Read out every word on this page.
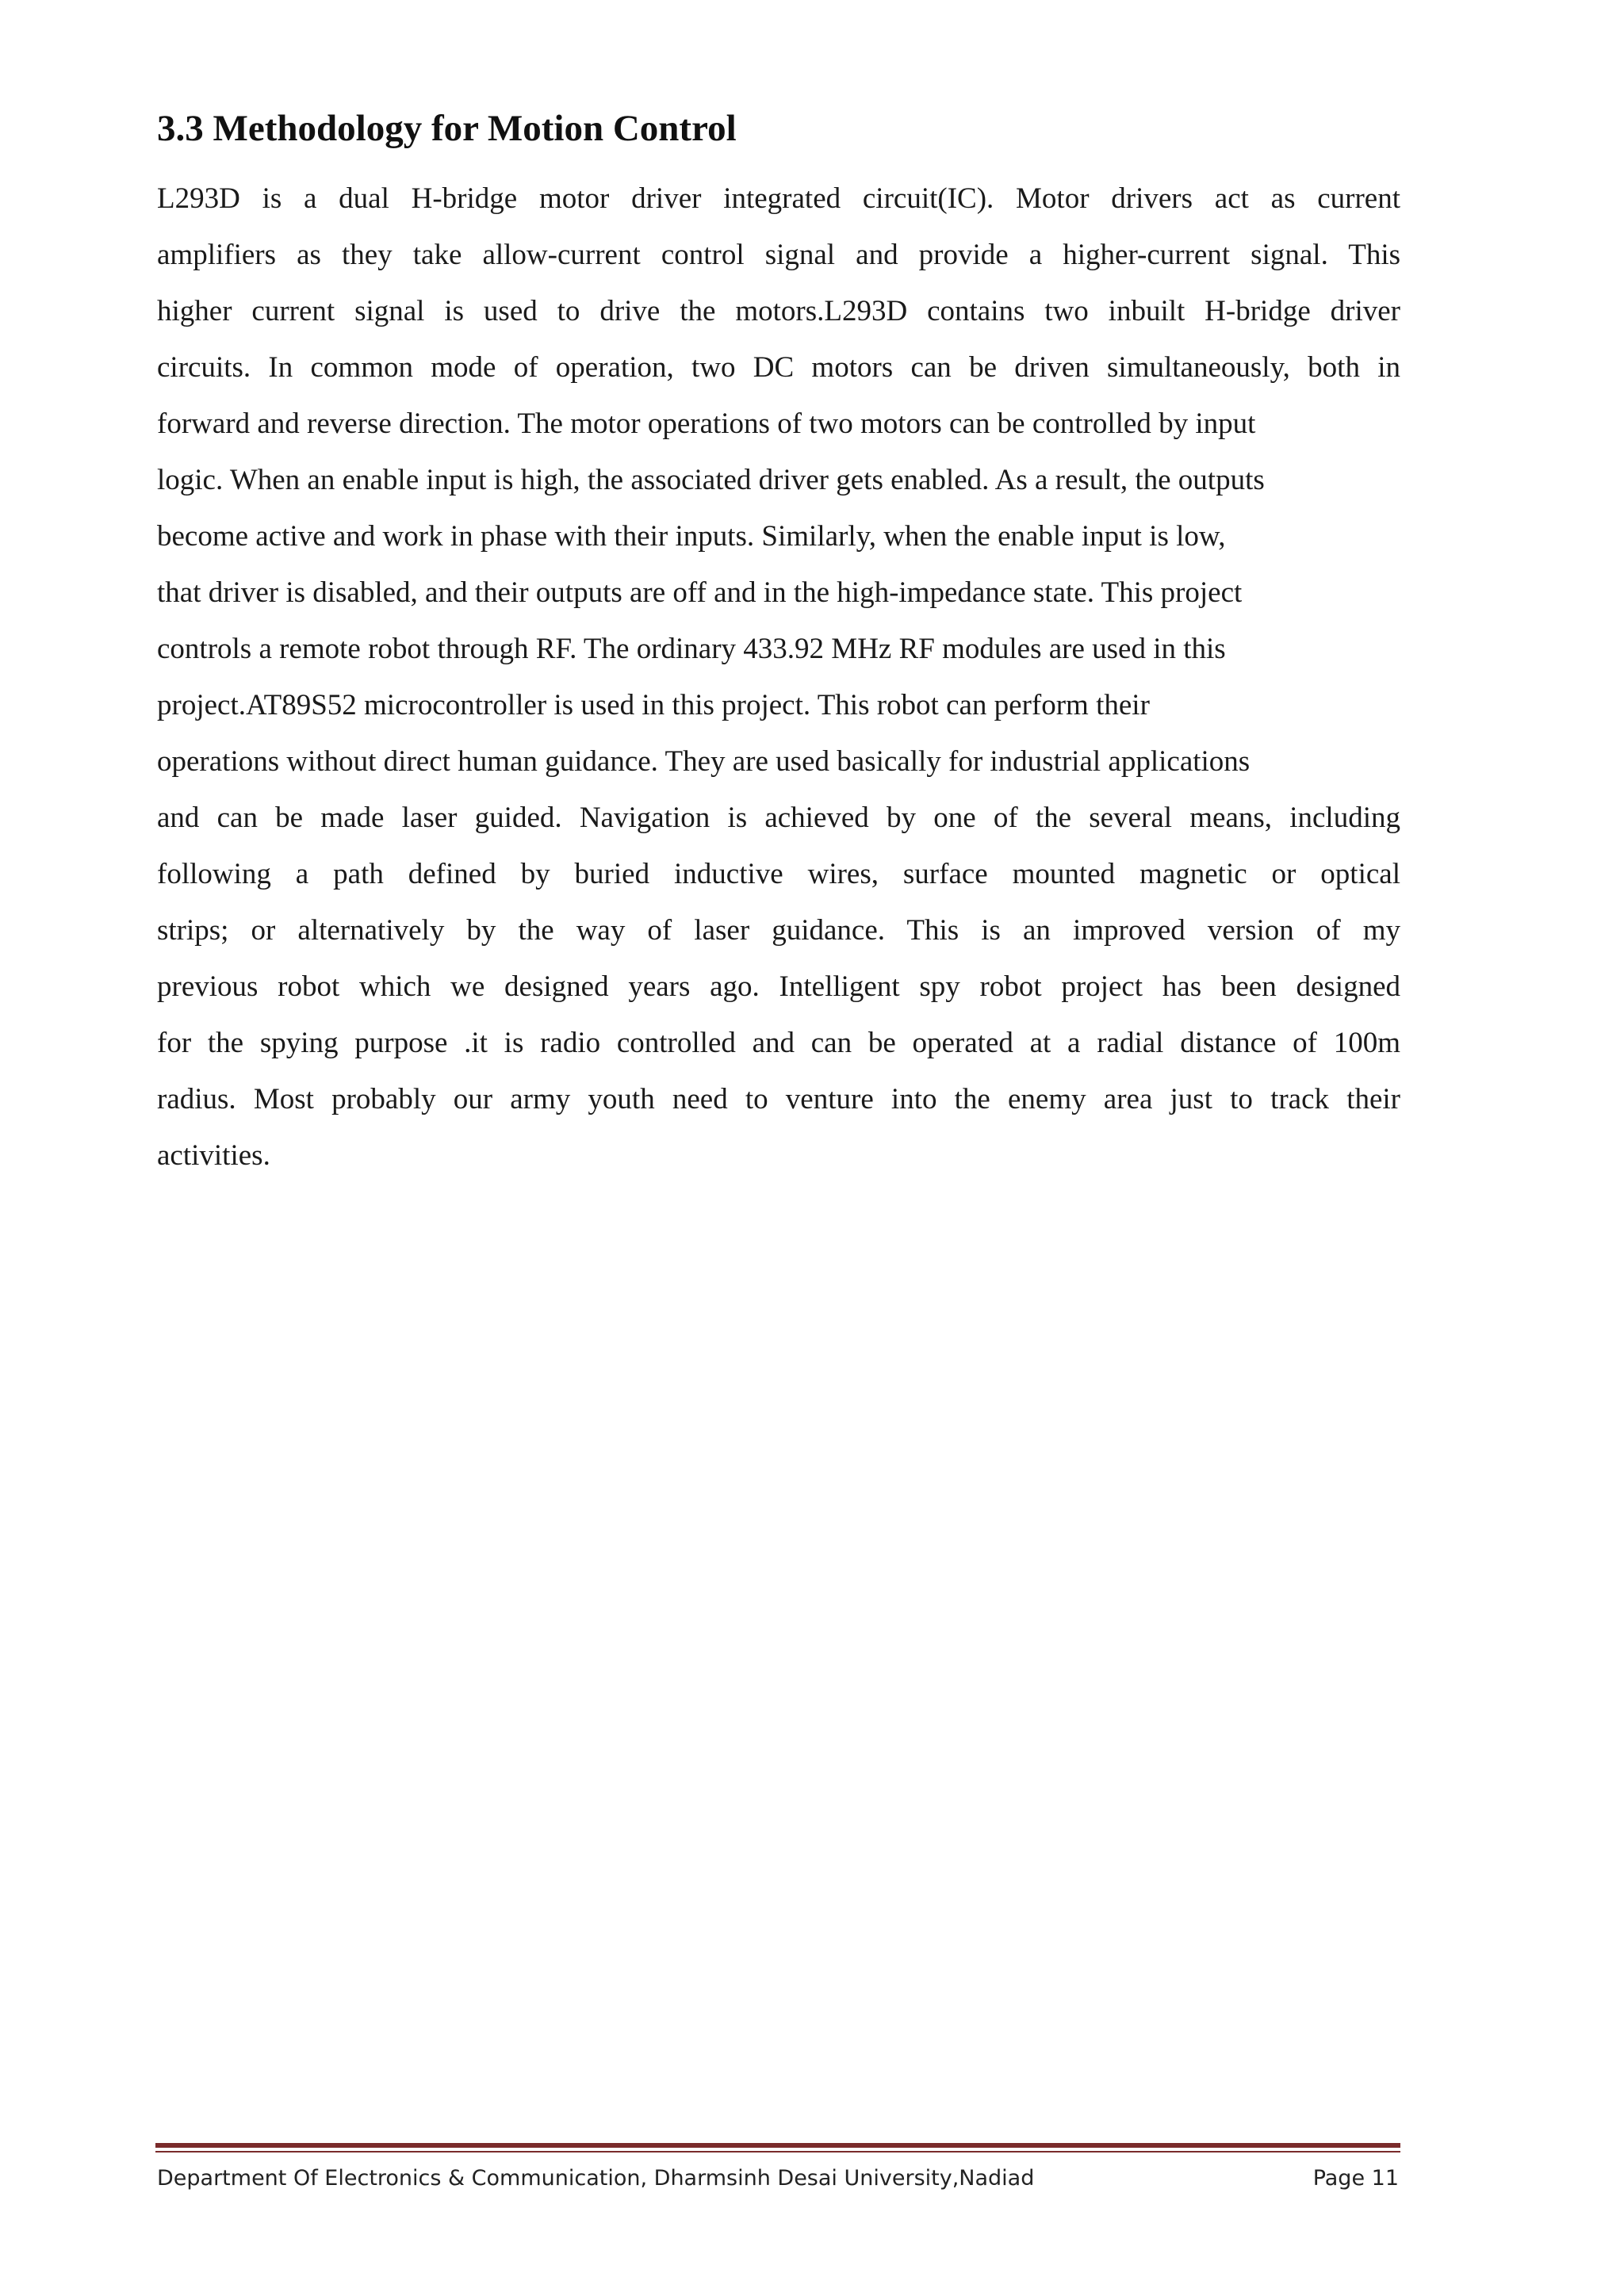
3.3 Methodology for Motion Control
L293D is a dual H-bridge motor driver integrated circuit(IC). Motor drivers act as current
amplifiers as they take allow-current control signal and provide a higher-current signal. This
higher current signal is used to drive the motors.L293D contains two inbuilt H-bridge driver
circuits. In common mode of operation, two DC motors can be driven simultaneously, both in
forward and reverse direction. The motor operations of two motors can be controlled by input
logic. When an enable input is high, the associated driver gets enabled. As a result, the outputs
become active and work in phase with their inputs. Similarly, when the enable input is low,
that driver is disabled, and their outputs are off and in the high-impedance state. This project
controls a remote robot through RF. The ordinary 433.92 MHz RF modules are used in this
project.AT89S52 microcontroller is used in this project. This robot can perform their
operations without direct human guidance. They are used basically for industrial applications
and can be made laser guided. Navigation is achieved by one of the several means, including
following a path defined by buried inductive wires, surface mounted magnetic or optical
strips; or alternatively by the way of laser guidance. This is an improved version of my
previous robot which we designed years ago. Intelligent spy robot project has been designed
for the spying purpose .it is radio controlled and can be operated at a radial distance of 100m
radius. Most probably our army youth need to venture into the enemy area just to track their
activities.
Department Of Electronics & Communication, Dharmsinh Desai University,Nadiad	Page 11
